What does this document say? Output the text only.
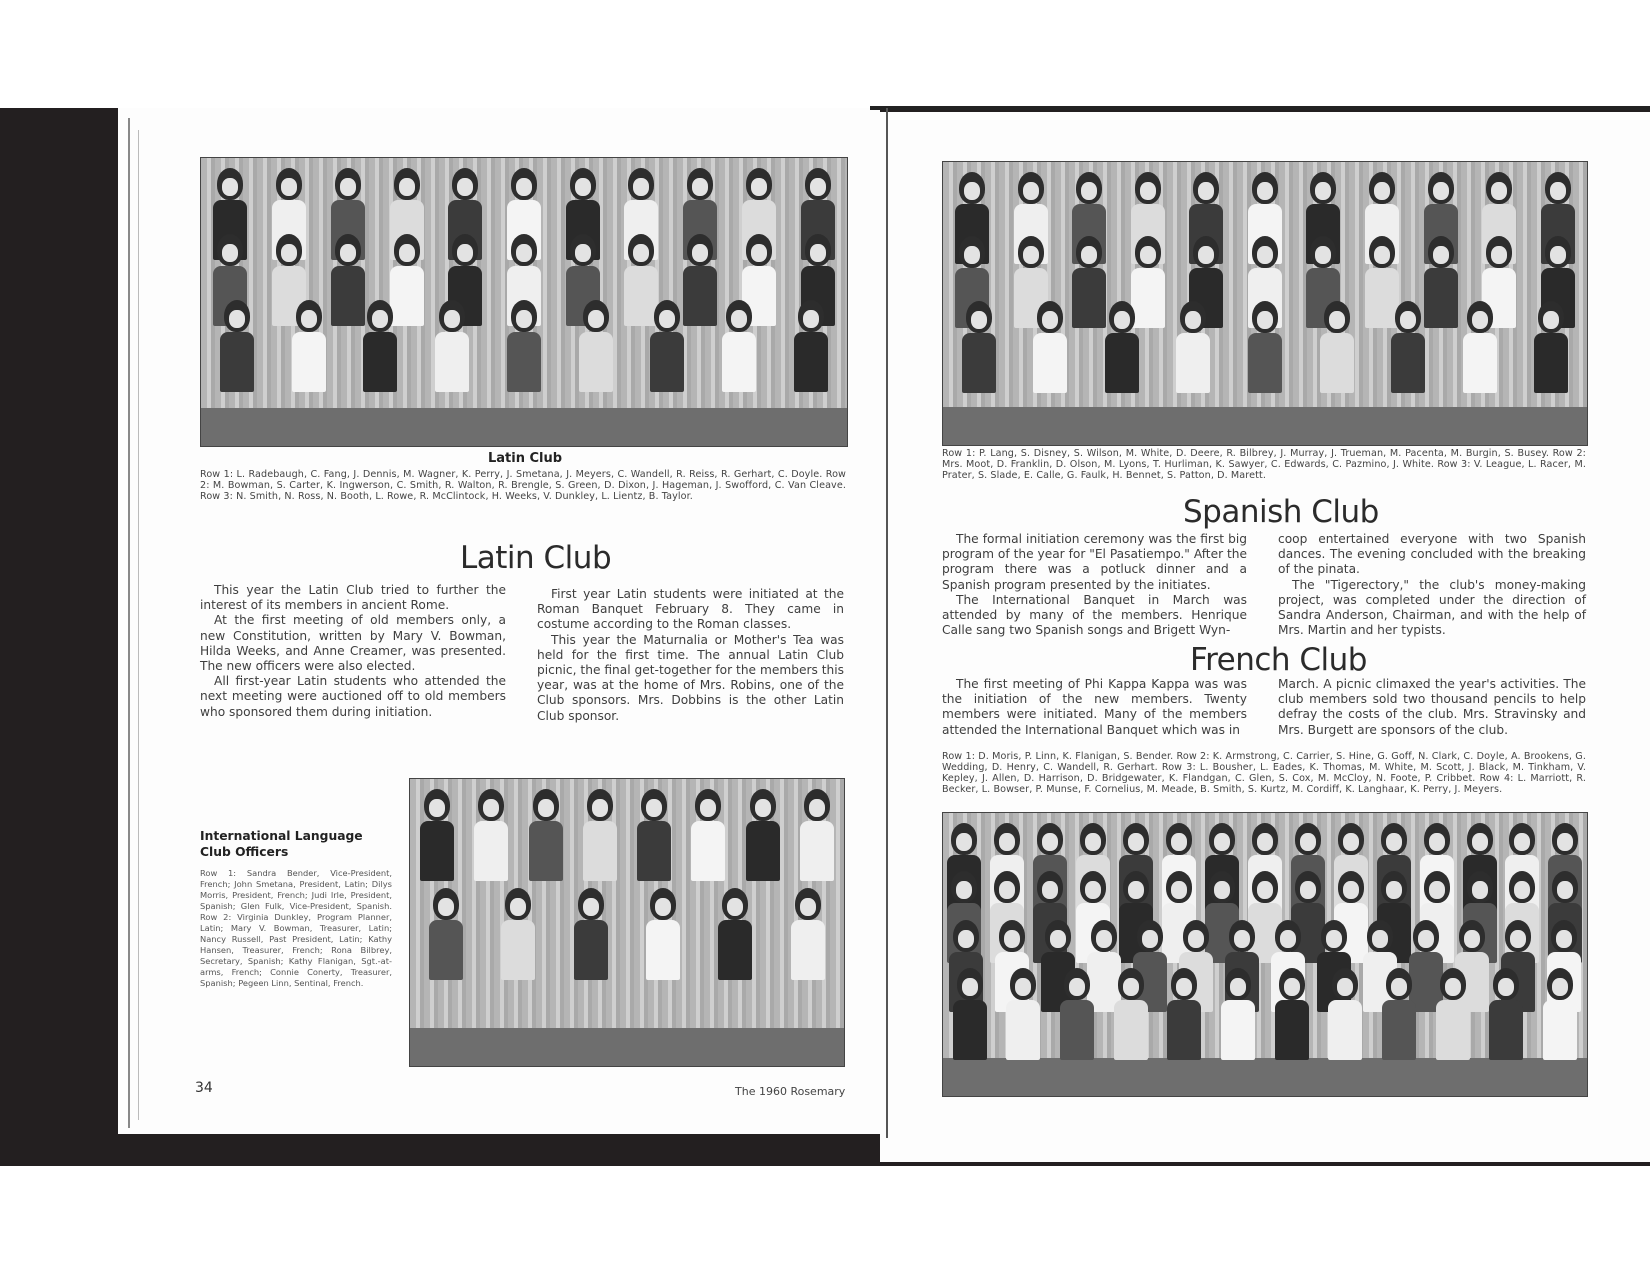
Latin Club
Row 1: L. Radebaugh, C. Fang, J. Dennis, M. Wagner, K. Perry, J. Smetana, J. Meyers, C. Wandell, R. Reiss, R. Gerhart, C. Doyle. Row 2: M. Bowman, S. Carter, K. Ingwerson, C. Smith, R. Walton, R. Brengle, S. Green, D. Dixon, J. Hageman, J. Swofford, C. Van Cleave. Row 3: N. Smith, N. Ross, N. Booth, L. Rowe, R. McClintock, H. Weeks, V. Dunkley, L. Lientz, B. Taylor.
Latin Club

This year the Latin Club tried to further the interest of its members in ancient Rome.

At the first meeting of old members only, a new Constitution, written by Mary V. Bowman, Hilda Weeks, and Anne Creamer, was presented. The new officers were also elected.

All first-year Latin students who attended the next meeting were auctioned off to old members who sponsored them during initiation.

First year Latin students were initiated at the Roman Banquet February 8. They came in costume according to the Roman classes.

This year the Maturnalia or Mother's Tea was held for the first time. The annual Latin Club picnic, the final get-together for the members this year, was at the home of Mrs. Robins, one of the Club sponsors. Mrs. Dobbins is the other Latin Club sponsor.

International Language Club Officers
Row 1: Sandra Bender, Vice-President, French; John Smetana, President, Latin; Dilys Morris, President, French; Judi Irle, President, Spanish; Glen Fulk, Vice-President, Spanish. Row 2: Virginia Dunkley, Program Planner, Latin; Mary V. Bowman, Treasurer, Latin; Nancy Russell, Past President, Latin; Kathy Hansen, Treasurer, French; Rona Bilbrey, Secretary, Spanish; Kathy Flanigan, Sgt.-at-arms, French; Connie Conerty, Treasurer, Spanish; Pegeen Linn, Sentinal, French.
34	The 1960 Rosemary
Row 1: P. Lang, S. Disney, S. Wilson, M. White, D. Deere, R. Bilbrey, J. Murray, J. Trueman, M. Pacenta, M. Burgin, S. Busey. Row 2: Mrs. Moot, D. Franklin, D. Olson, M. Lyons, T. Hurliman, K. Sawyer, C. Edwards, C. Pazmino, J. White. Row 3: V. League, L. Racer, M. Prater, S. Slade, E. Calle, G. Faulk, H. Bennet, S. Patton, D. Marett.
Spanish Club

The formal initiation ceremony was the first big program of the year for "El Pasatiempo." After the program there was a potluck dinner and a Spanish program presented by the initiates.

The International Banquet in March was attended by many of the members. Henrique Calle sang two Spanish songs and Brigett Wyn-

coop entertained everyone with two Spanish dances. The evening concluded with the breaking of the pinata.

The "Tigerectory," the club's money-making project, was completed under the direction of Sandra Anderson, Chairman, and with the help of Mrs. Martin and her typists.

French Club

The first meeting of Phi Kappa Kappa was was the initiation of the new members. Twenty members were initiated. Many of the members attended the International Banquet which was in

March. A picnic climaxed the year's activities. The club members sold two thousand pencils to help defray the costs of the club. Mrs. Stravinsky and Mrs. Burgett are sponsors of the club.

Row 1: D. Moris, P. Linn, K. Flanigan, S. Bender. Row 2: K. Armstrong, C. Carrier, S. Hine, G. Goff, N. Clark, C. Doyle, A. Brookens, G. Wedding, D. Henry, C. Wandell, R. Gerhart. Row 3: L. Bousher, L. Eades, K. Thomas, M. White, M. Scott, J. Black, M. Tinkham, V. Kepley, J. Allen, D. Harrison, D. Bridgewater, K. Flandgan, C. Glen, S. Cox, M. McCloy, N. Foote, P. Cribbet. Row 4: L. Marriott, R. Becker, L. Bowser, P. Munse, F. Cornelius, M. Meade, B. Smith, S. Kurtz, M. Cordiff, K. Langhaar, K. Perry, J. Meyers.
